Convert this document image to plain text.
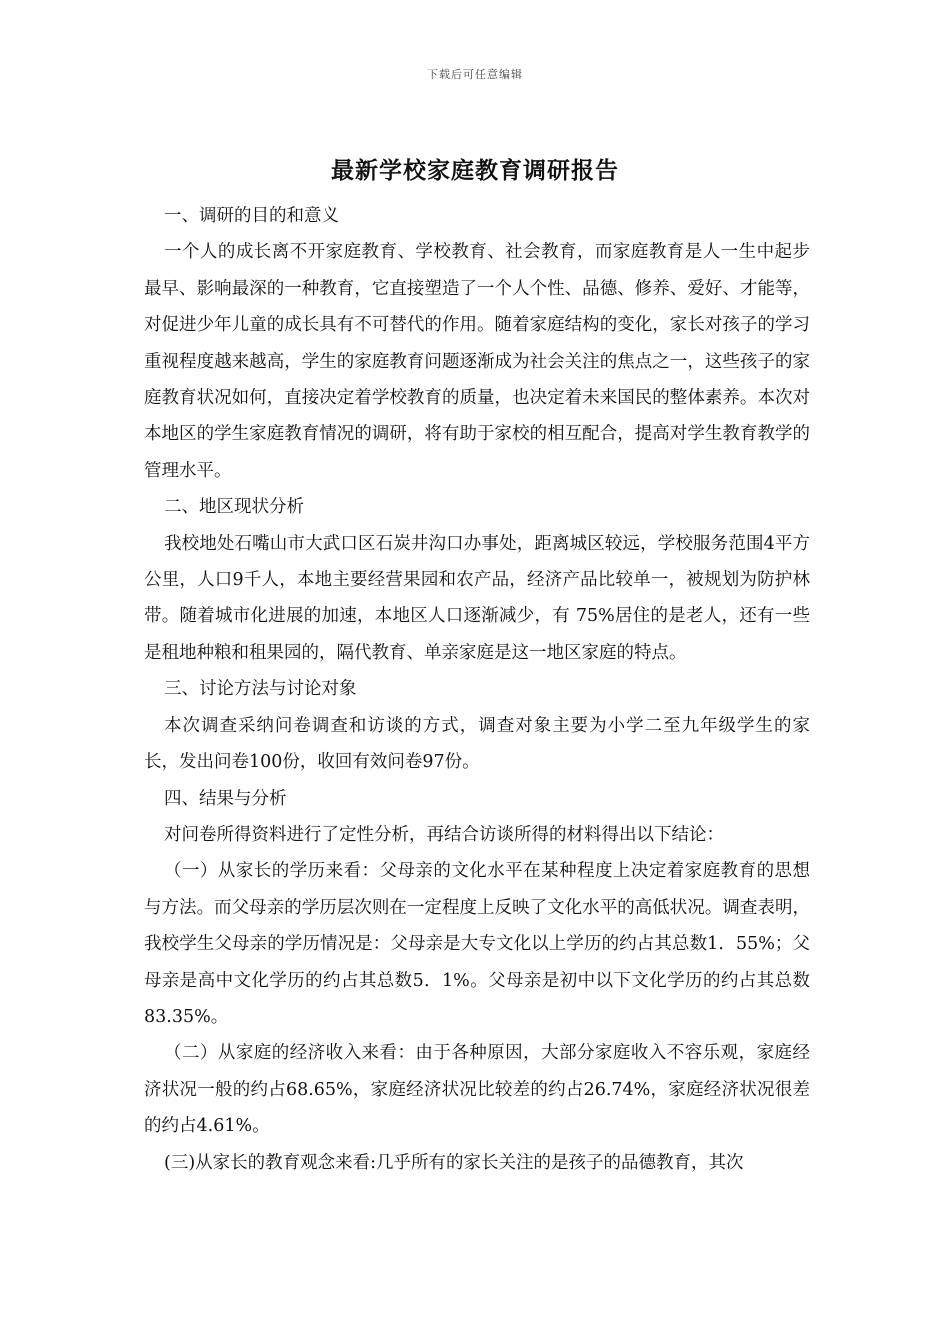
下载后可任意编辑
最新学校家庭教育调研报告

一、调研的目的和意义

一个人的成长离不开家庭教育、学校教育、社会教育，而家庭教育是人一生中起步最早、影响最深的一种教育，它直接塑造了一个人个性、品德、修养、爱好、才能等，对促进少年儿童的成长具有不可替代的作用。随着家庭结构的变化，家长对孩子的学习重视程度越来越高，学生的家庭教育问题逐渐成为社会关注的焦点之一，这些孩子的家庭教育状况如何，直接决定着学校教育的质量，也决定着未来国民的整体素养。本次对本地区的学生家庭教育情况的调研，将有助于家校的相互配合，提高对学生教育教学的管理水平。

二、地区现状分析

我校地处石嘴山市大武口区石炭井沟口办事处，距离城区较远，学校服务范围4平方公里，人口9千人，本地主要经营果园和农产品，经济产品比较单一，被规划为防护林带。随着城市化进展的加速，本地区人口逐渐减少，有 75%居住的是老人，还有一些是租地种粮和租果园的，隔代教育、单亲家庭是这一地区家庭的特点。

三、讨论方法与讨论对象

本次调查采纳问卷调查和访谈的方式，调查对象主要为小学二至九年级学生的家长，发出问卷100份，收回有效问卷97份。

四、结果与分析

对问卷所得资料进行了定性分析，再结合访谈所得的材料得出以下结论：

（一）从家长的学历来看：父母亲的文化水平在某种程度上决定着家庭教育的思想与方法。而父母亲的学历层次则在一定程度上反映了文化水平的高低状况。调查表明，我校学生父母亲的学历情况是：父母亲是大专文化以上学历的约占其总数1．55%；父母亲是高中文化学历的约占其总数5．1%。父母亲是初中以下文化学历的约占其总数83.35%。

（二）从家庭的经济收入来看：由于各种原因，大部分家庭收入不容乐观，家庭经济状况一般的约占68.65%，家庭经济状况比较差的约占26.74%，家庭经济状况很差的约占4.61%。

(三)从家长的教育观念来看:几乎所有的家长关注的是孩子的品德教育，其次
